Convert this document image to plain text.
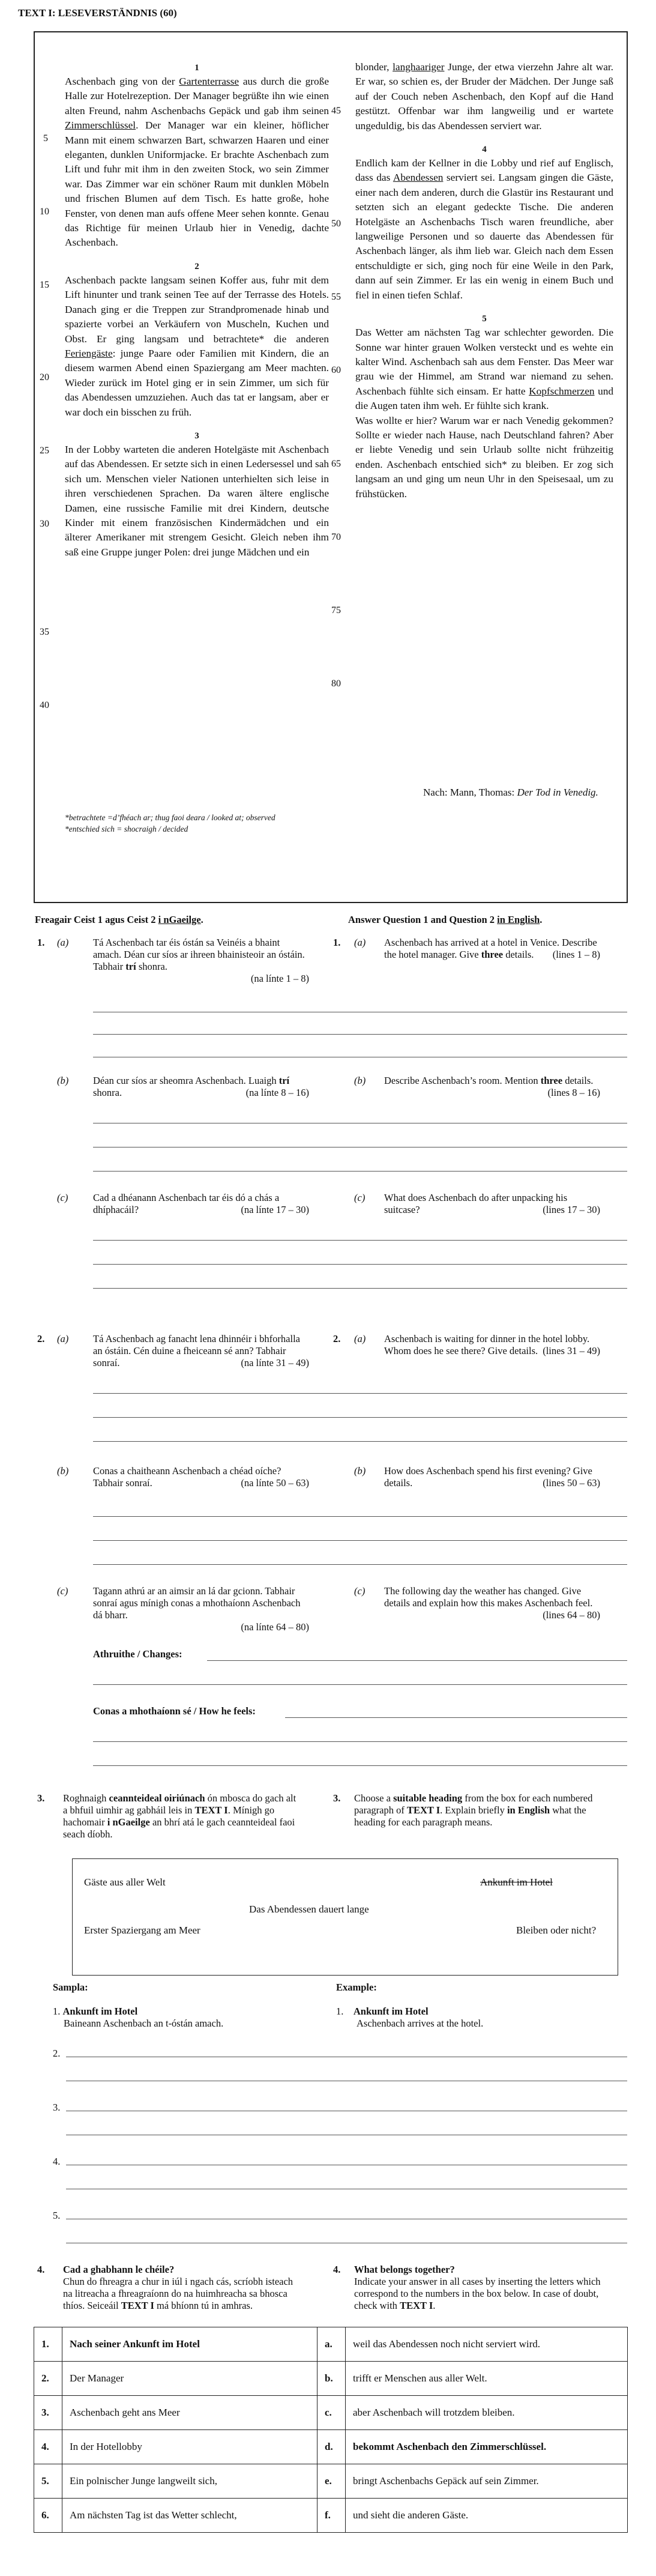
TEXT I: LESEVERSTÄNDNIS (60)
1

Aschenbach ging von der Gartenterrasse aus durch die große Halle zur Hotelrezeption. Der Manager begrüßte ihn wie einen alten Freund, nahm Aschenbachs Gepäck und gab ihm seinen Zimmerschlüssel. Der Manager war ein kleiner, höflicher Mann mit einem schwarzen Bart, schwarzen Haaren und einer eleganten, dunklen Uniformjacke. Er brachte Aschenbach zum Lift und fuhr mit ihm in den zweiten Stock, wo sein Zimmer war. Das Zimmer war ein schöner Raum mit dunklen Möbeln und frischen Blumen auf dem Tisch. Es hatte große, hohe Fenster, von denen man aufs offene Meer sehen konnte. Genau das Richtige für meinen Urlaub hier in Venedig, dachte Aschenbach.

2

Aschenbach packte langsam seinen Koffer aus, fuhr mit dem Lift hinunter und trank seinen Tee auf der Terrasse des Hotels. Danach ging er die Treppen zur Strandpromenade hinab und spazierte vorbei an Verkäufern von Muscheln, Kuchen und Obst. Er ging langsam und betrachtete* die anderen Feriengäste: junge Paare oder Familien mit Kindern, die an diesem warmen Abend einen Spaziergang am Meer machten. Wieder zurück im Hotel ging er in sein Zimmer, um sich für das Abendessen umzuziehen. Auch das tat er langsam, aber er war doch ein bisschen zu früh.

3

In der Lobby warteten die anderen Hotelgäste mit Aschenbach auf das Abendessen. Er setzte sich in einen Ledersessel und sah sich um. Menschen vieler Nationen unterhielten sich leise in ihren verschiedenen Sprachen. Da waren ältere englische Damen, eine russische Familie mit drei Kindern, deutsche Kinder mit einem französischen Kindermädchen und ein älterer Amerikaner mit strengem Gesicht. Gleich neben ihm saß eine Gruppe junger Polen: drei junge Mädchen und ein

blonder, langhaariger Junge, der etwa vierzehn Jahre alt war. Er war, so schien es, der Bruder der Mädchen. Der Junge saß auf der Couch neben Aschenbach, den Kopf auf die Hand gestützt. Offenbar war ihm langweilig und er wartete ungeduldig, bis das Abendessen serviert war.

4

Endlich kam der Kellner in die Lobby und rief auf Englisch, dass das Abendessen serviert sei. Langsam gingen die Gäste, einer nach dem anderen, durch die Glastür ins Restaurant und setzten sich an elegant gedeckte Tische. Die anderen Hotelgäste an Aschenbachs Tisch waren freundliche, aber langweilige Personen und so dauerte das Abendessen für Aschenbach länger, als ihm lieb war. Gleich nach dem Essen entschuldigte er sich, ging noch für eine Weile in den Park, dann auf sein Zimmer. Er las ein wenig in einem Buch und fiel in einen tiefen Schlaf.

5

Das Wetter am nächsten Tag war schlechter geworden. Die Sonne war hinter grauen Wolken versteckt und es wehte ein kalter Wind. Aschenbach sah aus dem Fenster. Das Meer war grau wie der Himmel, am Strand war niemand zu sehen. Aschenbach fühlte sich einsam. Er hatte Kopfschmerzen und die Augen taten ihm weh. Er fühlte sich krank.

Was wollte er hier? Warum war er nach Venedig gekommen? Sollte er wieder nach Hause, nach Deutschland fahren? Aber er liebte Venedig und sein Urlaub sollte nicht frühzeitig enden. Aschenbach entschied sich* zu bleiben. Er zog sich langsam an und ging um neun Uhr in den Speisesaal, um zu frühstücken.

5
10
15
20
25
30
35
40
45
50
55
60
65
70
75
80
Nach: Mann, Thomas: Der Tod in Venedig.
*betrachtete =d’fhéach ar; thug faoi deara / looked at; observed
*entschied sich = shocraigh / decided
Freagair Ceist 1 agus Ceist 2 i nGaeilge.	Answer Question 1 and Question 2 in English.
1. (a) Tá Aschenbach tar éis óstán sa Veinéis a bhaint amach. Déan cur síos ar ihreen bhainisteoir an óstáin. Tabhair trí shonra.
(na línte 1 – 8)
1. (a) Aschenbach has arrived at a hotel in Venice. Describe the hotel manager. Give three details. (lines 1 – 8)
(b) Déan cur síos ar sheomra Aschenbach. Luaigh trí shonra.	(na línte 8 – 16)
(b) Describe Aschenbach’s room. Mention three details.
(lines 8 – 16)
(c)	Cad a dhéanann Aschenbach tar éis dó a chás a dhíphacáil?	(na línte 17 – 30)
(c) What does Aschenbach do after unpacking his suitcase?	(lines 17 – 30)
2. (a) Tá Aschenbach ag fanacht lena dhinnéir i bhforhalla an óstáin. Cén duine a fheiceann sé ann? Tabhair sonraí.	(na línte 31 – 49)
2. (a) Aschenbach is waiting for dinner in the hotel lobby. Whom does he see there? Give details. (lines 31 – 49)
(b) Conas a chaitheann Aschenbach a chéad oíche? Tabhair sonraí.	(na línte 50 – 63)
(b) How does Aschenbach spend his first evening? Give details.	(lines 50 – 63)
(c)	Tagann athrú ar an aimsir an lá dar gcionn. Tabhair sonraí agus mínigh conas a mhothaíonn Aschenbach dá bharr.
(na línte 64 – 80)
(c) The following day the weather has changed. Give details and explain how this makes Aschenbach feel.
(lines 64 – 80)
Athruithe / Changes:
Conas a mhothaíonn sé / How he feels:
3. Roghnaigh ceannteideal oiriúnach ón mbosca do gach alt a bhfuil uimhir ag gabháil leis in TEXT I. Mínigh go hachomair i nGaeilge an bhrí atá le gach ceannteideal faoi seach díobh.
3. Choose a suitable heading from the box for each numbered paragraph of TEXT I. Explain briefly in English what the heading for each paragraph means.
Gäste aus aller Welt	Ankunft im Hotel
Das Abendessen dauert lange
Erster Spaziergang am Meer	Bleiben oder nicht?
Sampla:	Example:
1. Ankunft im Hotel
Baineann Aschenbach an t-óstán amach.
1. Ankunft im Hotel
Aschenbach arrives at the hotel.
2.
3.
4.
5.
4. Cad a ghabhann le chéile?
Chun do fhreagra a chur in iúl i ngach cás, scríobh isteach na litreacha a fhreagraíonn do na huimhreacha sa bhosca thíos. Seiceáil TEXT I má bhíonn tú in amhras.
4. What belongs together?
Indicate your answer in all cases by inserting the letters which correspond to the numbers in the box below. In case of doubt, check with TEXT I.
1.	Nach seiner Ankunft im Hotel	a.	weil das Abendessen noch nicht serviert wird.
2.	Der Manager	b.	trifft er Menschen aus aller Welt.
3.	Aschenbach geht ans Meer	c.	aber Aschenbach will trotzdem bleiben.
4.	In der Hotellobby	d.	bekommt Aschenbach den Zimmerschlüssel.
5.	Ein polnischer Junge langweilt sich,	e.	bringt Aschenbachs Gepäck auf sein Zimmer.
6.	Am nächsten Tag ist das Wetter schlecht,	f.	und sieht die anderen Gäste.
